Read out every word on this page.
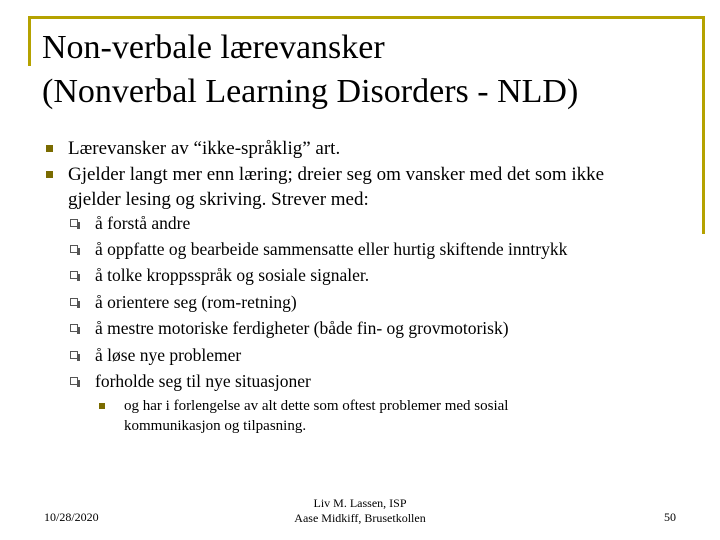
Non-verbale lærevansker
(Nonverbal Learning Disorders - NLD)
Lærevansker av “ikke-språklig” art.
Gjelder langt mer enn læring; dreier seg om vansker med det som ikke
gjelder lesing og skriving. Strever med:
å forstå andre
å oppfatte og bearbeide sammensatte eller hurtig skiftende inntrykk
å tolke kroppsspråk og sosiale signaler.
å orientere seg (rom-retning)
å mestre motoriske ferdigheter (både fin- og grovmotorisk)
å løse nye problemer
forholde seg til nye situasjoner
og har i forlengelse av alt dette som oftest problemer med sosial
kommunikasjon og tilpasning.
10/28/2020
Liv M. Lassen, ISP
Aase Midkiff, Brusetkollen	50
